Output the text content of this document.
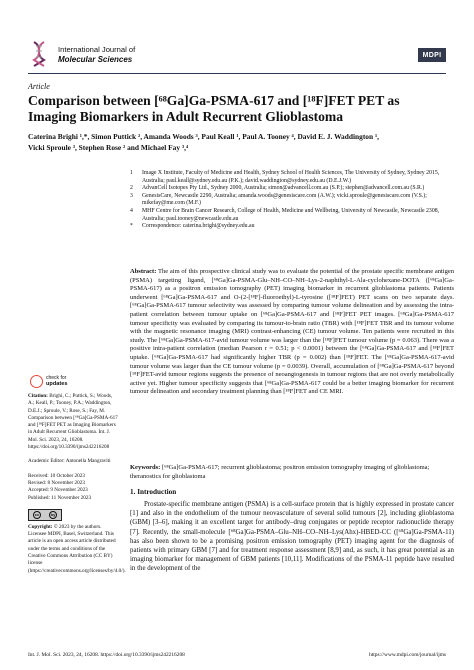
International Journal of
Molecular Sciences	MDPI
Article
Comparison between [⁶⁸Ga]Ga-PSMA-617 and [¹⁸F]FET PET as Imaging Biomarkers in Adult Recurrent Glioblastoma
Caterina Brighi ¹,*, Simon Puttick ², Amanda Woods ³, Paul Keall ¹, Paul A. Tooney ⁴, David E. J. Waddington ¹,
Vicki Sproule ³, Stephen Rose ² and Michael Fay ³,⁴
1	Image X Institute, Faculty of Medicine and Health, Sydney School of Health Sciences, The University of Sydney, Sydney 2015, Australia; paul.keall@sydney.edu.au (P.K.); david.waddington@sydney.edu.au (D.E.J.W.)
2	AdvanCell Isotopes Pty Ltd., Sydney 2000, Australia; simon@advancell.com.au (S.P.); stephen@advancell.com.au (S.R.)
3	GenesisCare, Newcastle 2290, Australia; amanda.woods@genesiscare.com (A.W.); vicki.sproule@genesiscare.com (V.S.); mikefay@me.com (M.F.)
4	MHF Centre for Brain Cancer Research, College of Health, Medicine and Wellbeing, University of Newcastle, Newcastle 2308, Australia; paul.tooney@newcastle.edu.au
*	Correspondence: caterina.brighi@sydney.edu.au
check for
updates
Citation: Brighi, C.; Puttick, S.; Woods, A.; Keall, P.; Tooney, P.A.; Waddington, D.E.J.; Sproule, V.; Rose, S.; Fay, M. Comparison between [⁶⁸Ga]Ga-PSMA-617 and [¹⁸F]FET PET as Imaging Biomarkers in Adult Recurrent Glioblastoma. Int. J. Mol. Sci. 2023, 24, 16208. https://doi.org/10.3390/ijms242216208
Academic Editor: Antonella Mangraviti
Received: 10 October 2023
Revised: 8 November 2023
Accepted: 9 November 2023
Published: 11 November 2023
cc	by
Copyright: © 2023 by the authors. Licensee MDPI, Basel, Switzerland. This article is an open access article distributed under the terms and conditions of the Creative Commons Attribution (CC BY) license (https://creativecommons.org/licenses/by/4.0/).
Abstract: The aim of this prospective clinical study was to evaluate the potential of the prostate specific membrane antigen (PSMA) targeting ligand, [⁶⁸Ga]Ga-PSMA-Glu–NH–CO–NH–Lys-2-naphthyl-L-Ala-cyclohexane-DOTA ([⁶⁸Ga]Ga-PSMA-617) as a positron emission tomography (PET) imaging biomarker in recurrent glioblastoma patients. Patients underwent [⁶⁸Ga]Ga-PSMA-617 and O-(2-[¹⁸F]-fluoroethyl)-L-tyrosine ([¹⁸F]FET) PET scans on two separate days. [⁶⁸Ga]Ga-PSMA-617 tumour selectivity was assessed by comparing tumour volume delineation and by assessing the intra-patient correlation between tumour uptake on [⁶⁸Ga]Ga-PSMA-617 and [¹⁸F]FET PET images. [⁶⁸Ga]Ga-PSMA-617 tumour specificity was evaluated by comparing its tumour-to-brain ratio (TBR) with [¹⁸F]FET TBR and its tumour volume with the magnetic resonance imaging (MRI) contrast-enhancing (CE) tumour volume. Ten patients were recruited in this study. The [⁶⁸Ga]Ga-PSMA-617-avid tumour volume was larger than the [¹⁸F]FET tumour volume (p = 0.063). There was a positive intra-patient correlation (median Pearson r = 0.51; p < 0.0001) between the [⁶⁸Ga]Ga-PSMA-617 and [¹⁸F]FET uptake. [⁶⁸Ga]Ga-PSMA-617 had significantly higher TBR (p = 0.002) than [¹⁸F]FET. The [⁶⁸Ga]Ga-PSMA-617-avid tumour volume was larger than the CE tumour volume (p = 0.0039). Overall, accumulation of [⁶⁸Ga]Ga-PSMA-617 beyond [¹⁸F]FET-avid tumour regions suggests the presence of neoangiogenesis in tumour regions that are not overly metabolically active yet. Higher tumour specificity suggests that [⁶⁸Ga]Ga-PSMA-617 could be a better imaging biomarker for recurrent tumour delineation and secondary treatment planning than [¹⁸F]FET and CE MRI.
Keywords: [⁶⁸Ga]Ga-PSMA-617; recurrent glioblastoma; positron emission tomography imaging of glioblastoma; theranostics for glioblastoma
1. Introduction
Prostate-specific membrane antigen (PSMA) is a cell-surface protein that is highly expressed in prostate cancer [1] and also in the endothelium of the tumour neovasculature of several solid tumours [2], including glioblastoma (GBM) [3–6], making it an excellent target for antibody–drug conjugates or peptide receptor radionuclide therapy [7]. Recently, the small-molecule [⁶⁸Ga]Ga-PSMA–Glu–NH–CO–NH–Lys(Ahx)-HBED-CC ([⁶⁸Ga]Ga-PSMA-11) has also been shown to be a promising positron emission tomography (PET) imaging agent for the diagnosis of patients with primary GBM [7] and for treatment response assessment [8,9] and, as such, it has great potential as an imaging biomarker for management of GBM patients [10,11]. Modifications of the PSMA-11 peptide have resulted in the development of the
Int. J. Mol. Sci. 2023, 24, 16208. https://doi.org/10.3390/ijms242216208	https://www.mdpi.com/journal/ijms
